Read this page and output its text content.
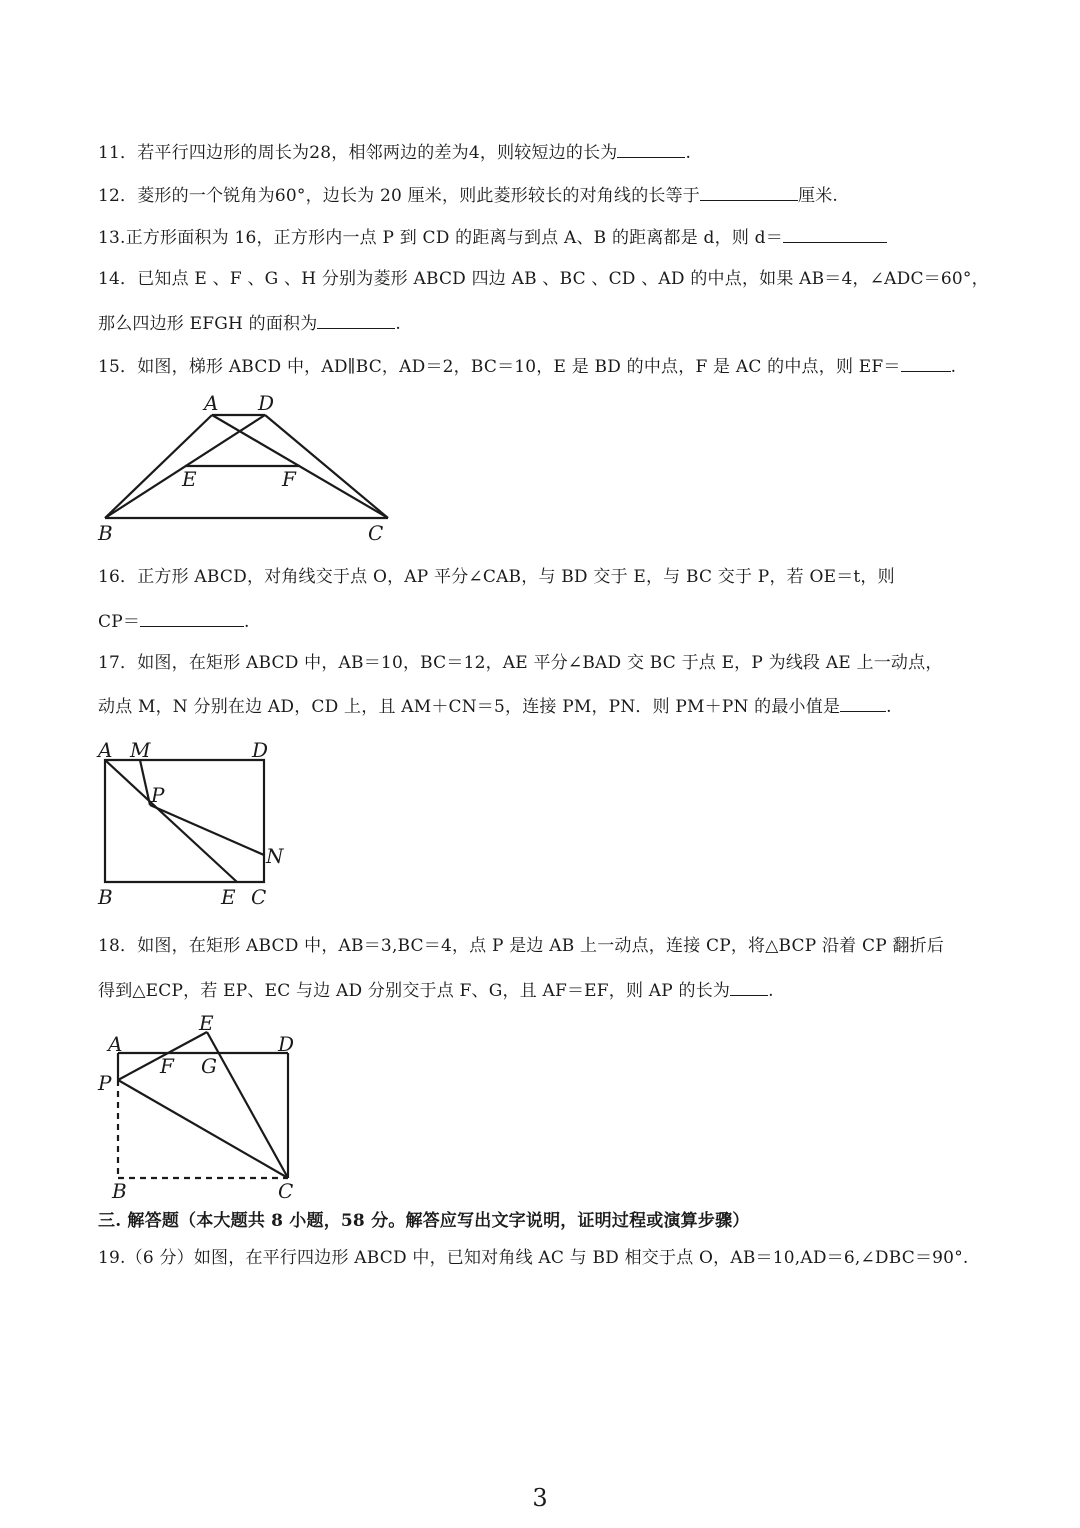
11．若平行四边形的周长为28，相邻两边的差为4，则较短边的长为	.
12．菱形的一个锐角为60°，边长为 20 厘米，则此菱形较长的对角线的长等于	厘米.
13.正方形面积为 16，正方形内一点 P 到 CD 的距离与到点 A、B 的距离都是 d，则 d＝
14．已知点 E 、F 、G 、H 分别为菱形 ABCD 四边 AB 、BC 、CD 、AD 的中点，如果 AB＝4，∠ADC＝60°，
那么四边形 EFGH 的面积为	.
15．如图，梯形 ABCD 中，AD∥BC，AD＝2，BC＝10，E 是 BD 的中点，F 是 AC 的中点，则 EF＝	.
A D
E	F
B	C
16．正方形 ABCD，对角线交于点 O，AP 平分∠CAB，与 BD 交于 E，与 BC 交于 P，若 OE＝t，则
CP＝	.
17．如图，在矩形 ABCD 中，AB＝10，BC＝12，AE 平分∠BAD 交 BC 于点 E，P 为线段 AE 上一动点，
动点 M，N 分别在边 AD，CD 上，且 AM＋CN＝5，连接 PM，PN．则 PM＋PN 的最小值是	.
A M	D
P
N
B	E C
18．如图，在矩形 ABCD 中，AB＝3,BC＝4，点 P 是边 AB 上一动点，连接 CP，将△BCP 沿着 CP 翻折后
得到△ECP，若 EP、EC 与边 AD 分别交于点 F、G，且 AF＝EF，则 AP 的长为 .
E
A	D
F G
P
B	C
三. 解答题（本大题共 8 小题，58 分。解答应写出文字说明，证明过程或演算步骤）
19.（6 分）如图，在平行四边形 ABCD 中，已知对角线 AC 与 BD 相交于点 O，AB＝10,AD＝6,∠DBC＝90°.
3
